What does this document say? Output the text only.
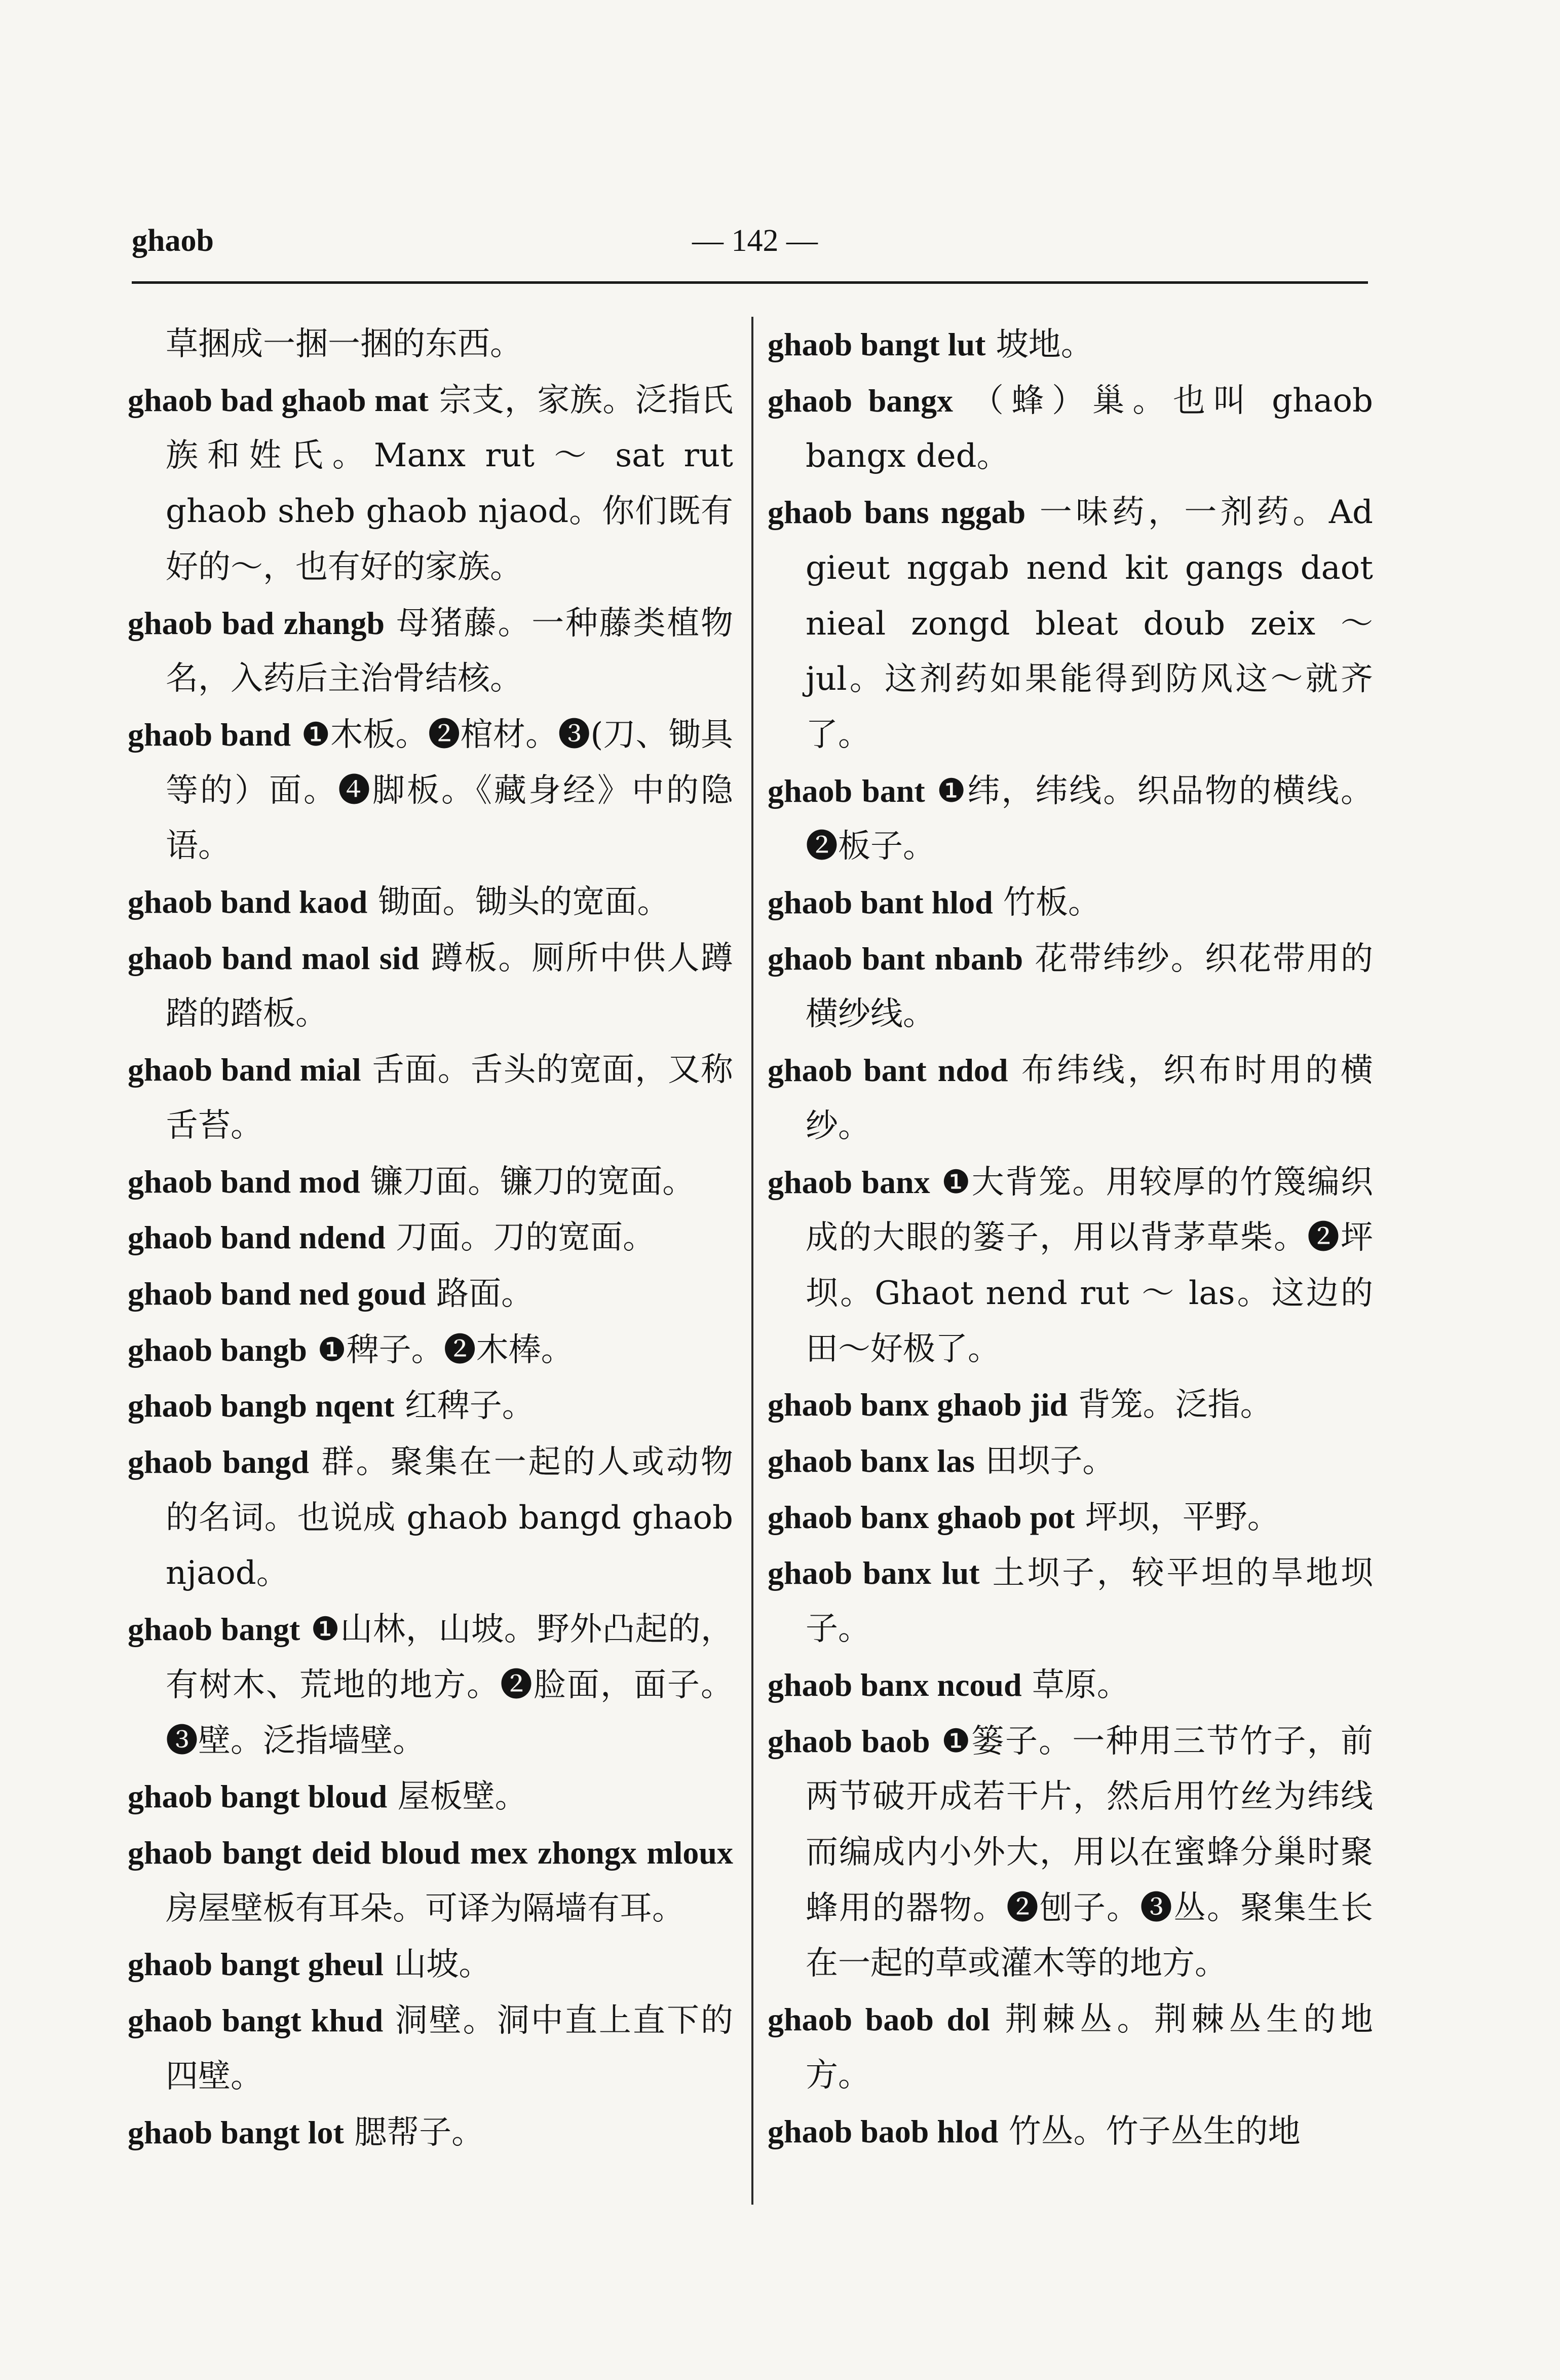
ghaob	— 142 —
草捆成一捆一捆的东西。
ghaob bad ghaob mat 宗支，家族。泛指氏族和姓氏。Manx rut ～ sat rut ghaob sheb ghaob njaod。你们既有好的～，也有好的家族。
ghaob bad zhangb 母猪藤。一种藤类植物名，入药后主治骨结核。
ghaob band ❶木板。❷棺材。❸(刀、锄具等的）面。❹脚板。《藏身经》中的隐语。
ghaob band kaod 锄面。锄头的宽面。
ghaob band maol sid 蹲板。厕所中供人蹲踏的踏板。
ghaob band mial 舌面。舌头的宽面，又称舌苔。
ghaob band mod 镰刀面。镰刀的宽面。
ghaob band ndend 刀面。刀的宽面。
ghaob band ned goud 路面。
ghaob bangb ❶稗子。❷木棒。
ghaob bangb nqent 红稗子。
ghaob bangd 群。聚集在一起的人或动物的名词。也说成 ghaob bangd ghaob njaod。
ghaob bangt ❶山林，山坡。野外凸起的，有树木、荒地的地方。❷脸面，面子。❸壁。泛指墙壁。
ghaob bangt bloud 屋板壁。
ghaob bangt deid bloud mex zhongx mloux 房屋壁板有耳朵。可译为隔墙有耳。
ghaob bangt gheul 山坡。
ghaob bangt khud 洞壁。洞中直上直下的四壁。
ghaob bangt lot 腮帮子。
ghaob bangt lut 坡地。
ghaob bangx （蜂）巢。也叫 ghaob bangx ded。
ghaob bans nggab 一味药，一剂药。Ad gieut nggab nend kit gangs daot nieal zongd bleat doub zeix ～ jul。这剂药如果能得到防风这～就齐了。
ghaob bant ❶纬，纬线。织品物的横线。❷板子。
ghaob bant hlod 竹板。
ghaob bant nbanb 花带纬纱。织花带用的横纱线。
ghaob bant ndod 布纬线，织布时用的横纱。
ghaob banx ❶大背笼。用较厚的竹篾编织成的大眼的篓子，用以背茅草柴。❷坪坝。Ghaot nend rut ～ las。这边的田～好极了。
ghaob banx ghaob jid 背笼。泛指。
ghaob banx las 田坝子。
ghaob banx ghaob pot 坪坝，平野。
ghaob banx lut 土坝子，较平坦的旱地坝子。
ghaob banx ncoud 草原。
ghaob baob ❶篓子。一种用三节竹子，前两节破开成若干片，然后用竹丝为纬线而编成内小外大，用以在蜜蜂分巢时聚蜂用的器物。❷刨子。❸丛。聚集生长在一起的草或灌木等的地方。
ghaob baob dol 荆棘丛。荆棘丛生的地方。
ghaob baob hlod 竹丛。竹子丛生的地
